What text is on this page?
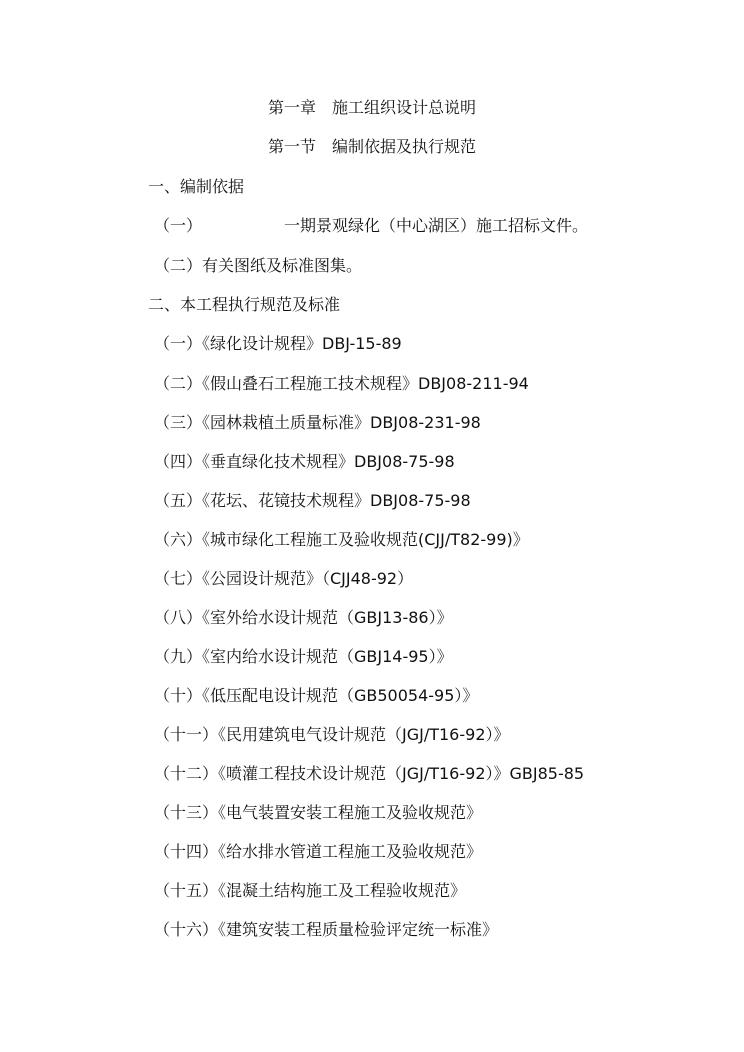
第一章　施工组织设计总说明
第一节　编制依据及执行规范
一、编制依据
（一）	一期景观绿化（中心湖区）施工招标文件。
（二）有关图纸及标准图集。
二、本工程执行规范及标准
（一）《绿化设计规程》DBJ-15-89
（二）《假山叠石工程施工技术规程》DBJ08-211-94
（三）《园林栽植土质量标准》DBJ08-231-98
（四）《垂直绿化技术规程》DBJ08-75-98
（五）《花坛、花镜技术规程》DBJ08-75-98
（六）《城市绿化工程施工及验收规范(CJJ/T82-99)》
（七）《公园设计规范》（CJJ48-92）
（八）《室外给水设计规范（GBJ13-86）》
（九）《室内给水设计规范（GBJ14-95）》
（十）《低压配电设计规范（GB50054-95）》
（十一）《民用建筑电气设计规范（JGJ/T16-92）》
（十二）《喷灌工程技术设计规范（JGJ/T16-92）》GBJ85-85
（十三）《电气装置安装工程施工及验收规范》
（十四）《给水排水管道工程施工及验收规范》
（十五）《混凝土结构施工及工程验收规范》
（十六）《建筑安装工程质量检验评定统一标准》
